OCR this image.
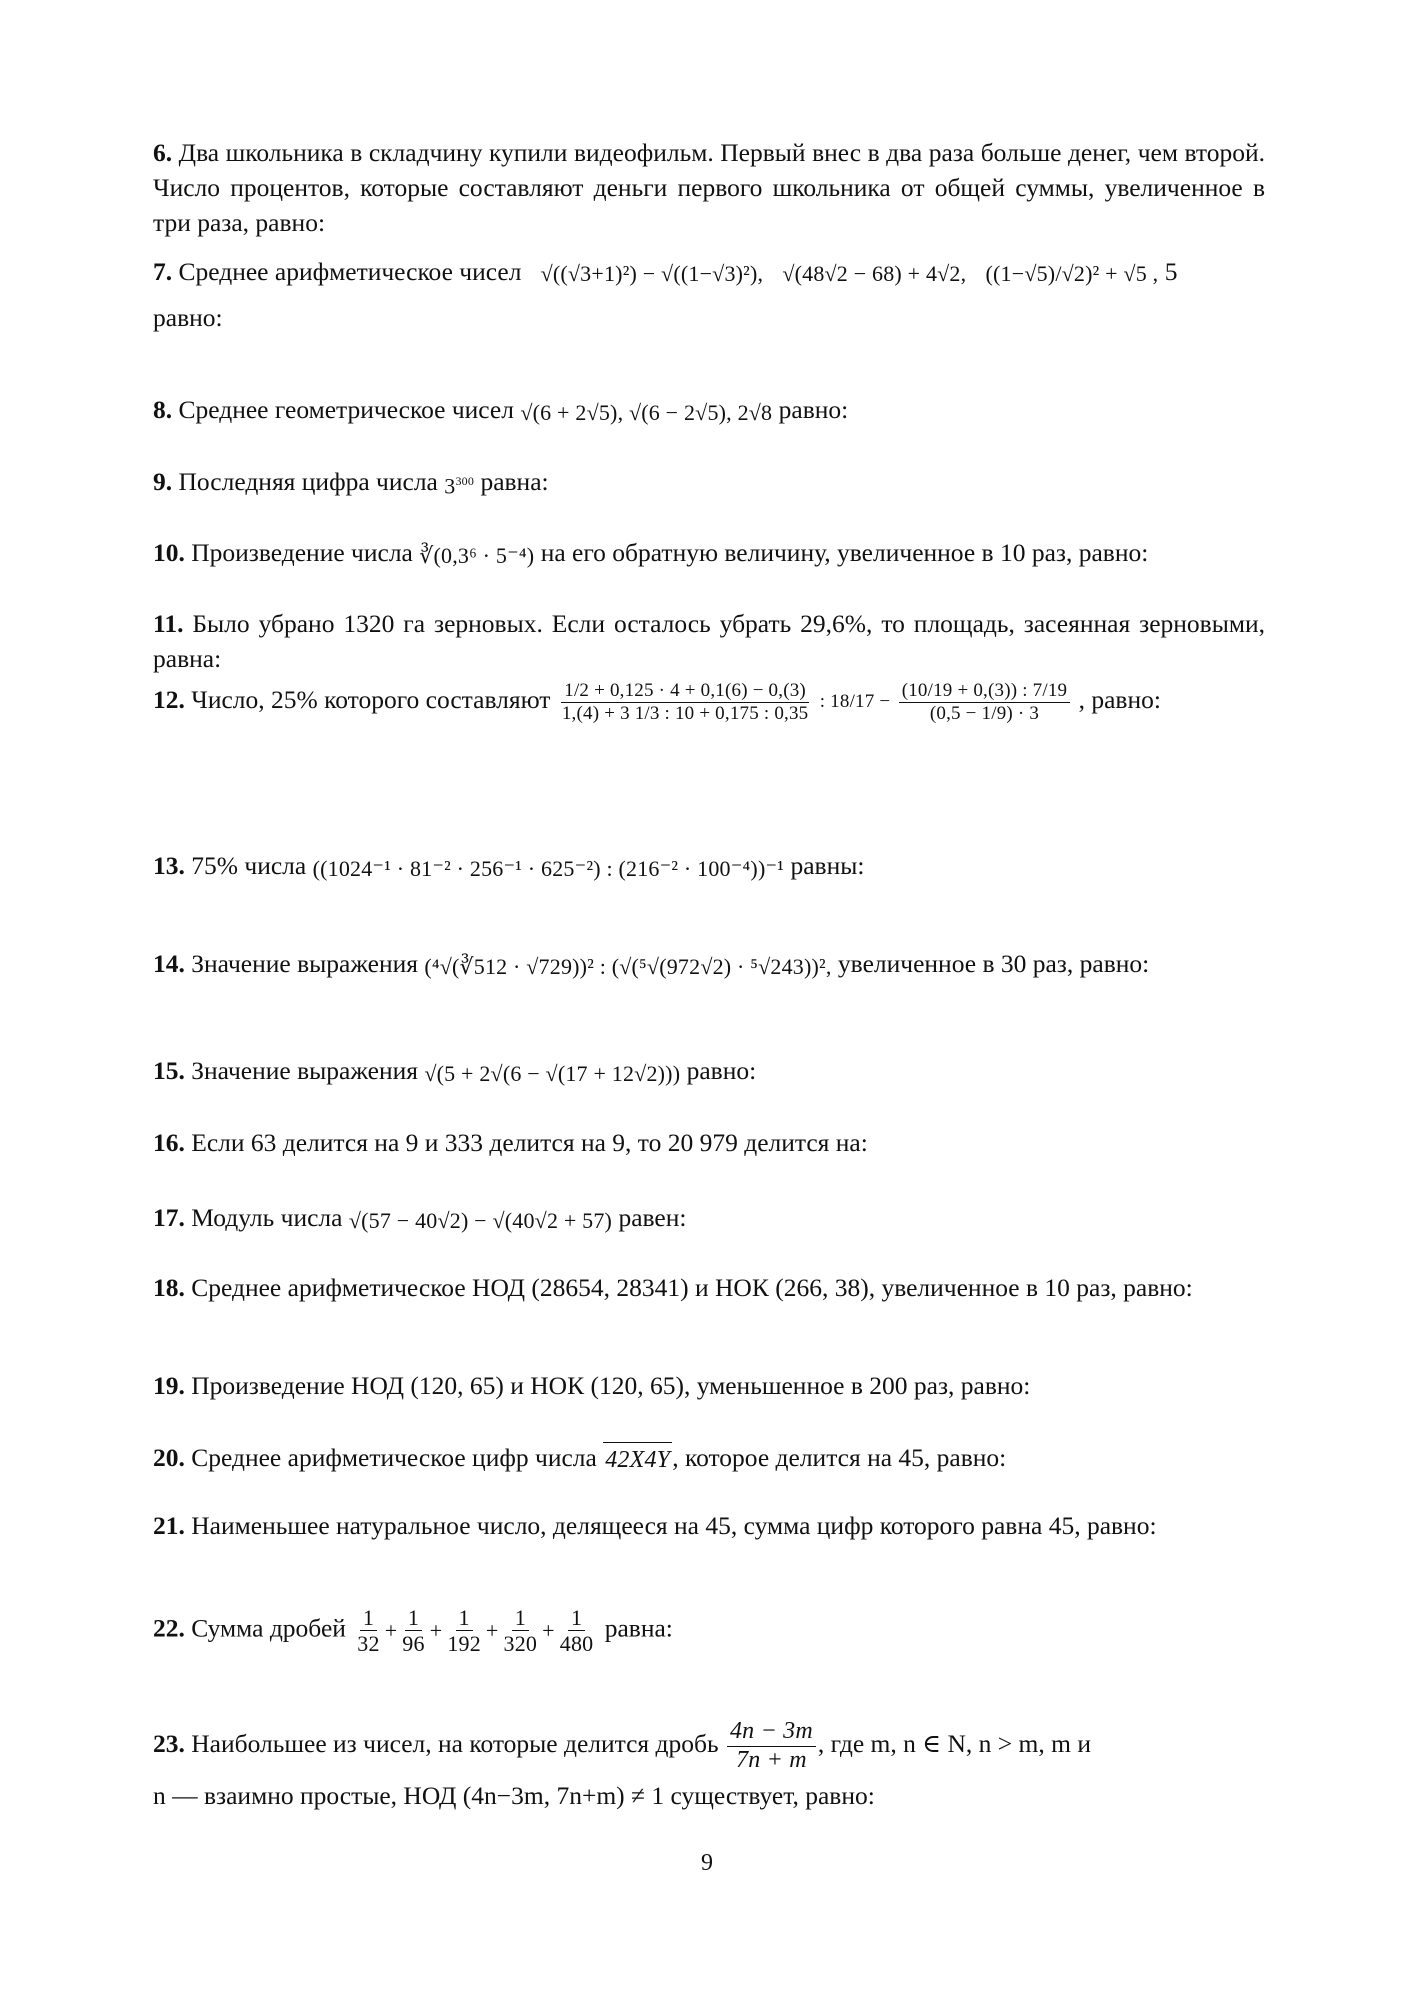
6. Два школьника в складчину купили видеофильм. Первый внес в два раза больше денег, чем второй. Число процентов, которые составляют деньги первого школьника от общей суммы, увеличенное в три раза, равно:
7. Среднее арифметическое чисел √((√3+1)²) − √((1−√3)²), √(48√2 − 68) + 4√2, ((1−√5)/√2)² + √5 , 5
равно:
8. Среднее геометрическое чисел √(6 + 2√5), √(6 − 2√5), 2√8 равно:
9. Последняя цифра числа $3^{300}$ равна:
10. Произведение числа ∛(0,3⁶ · 5⁻⁴) на его обратную величину, увеличенное в 10 раз, равно:
11. Было убрано 1320 га зерновых. Если осталось убрать 29,6%, то площадь, засеянная зерновыми, равна:
12. Число, 25% которого составляют $\frac{1/2 + 0,125 \cdot 4 + 0,1(6) - 0,(3)}{1,(4) + 3 1/3 : 10 + 0,175 : 0,35}$ : $18/17 - \frac{(10/19 + 0,(3)) : 7/19}{(0,5 - 1/9) \cdot 3}$ , равно:
13. 75% числа ((1024⁻¹ · 81⁻² · 256⁻¹ · 625⁻²) : (216⁻² · 100⁻⁴))⁻¹ равны:
14. Значение выражения (⁴√(∛512 · √729))² : (√(⁵√(972√2) · ⁵√243))², увеличенное в 30 раз, равно:
15. Значение выражения √(5 + 2√(6 − √(17 + 12√2))) равно:
16. Если 63 делится на 9 и 333 делится на 9, то 20 979 делится на:
17. Модуль числа √(57 − 40√2) − √(40√2 + 57) равен:
18. Среднее арифметическое НОД (28654, 28341) и НОК (266, 38), увеличенное в 10 раз, равно:
19. Произведение НОД (120, 65) и НОК (120, 65), уменьшенное в 200 раз, равно:
20. Среднее арифметическое цифр числа 42X4Y, которое делится на 45, равно:
21. Наименьшее натуральное число, делящееся на 45, сумма цифр которого равна 45, равно:
22. Сумма дробей $\frac{1}{32} + \frac{1}{96} + \frac{1}{192} + \frac{1}{320} + \frac{1}{480}$ равна:
23. Наибольшее из чисел, на которые делится дробь $\frac{4n - 3m}{7n + m}$ , где m, n ∈ N, n > m, m и
n — взаимно простые, НОД (4n−3m, 7n+m) ≠ 1 существует, равно:
9
